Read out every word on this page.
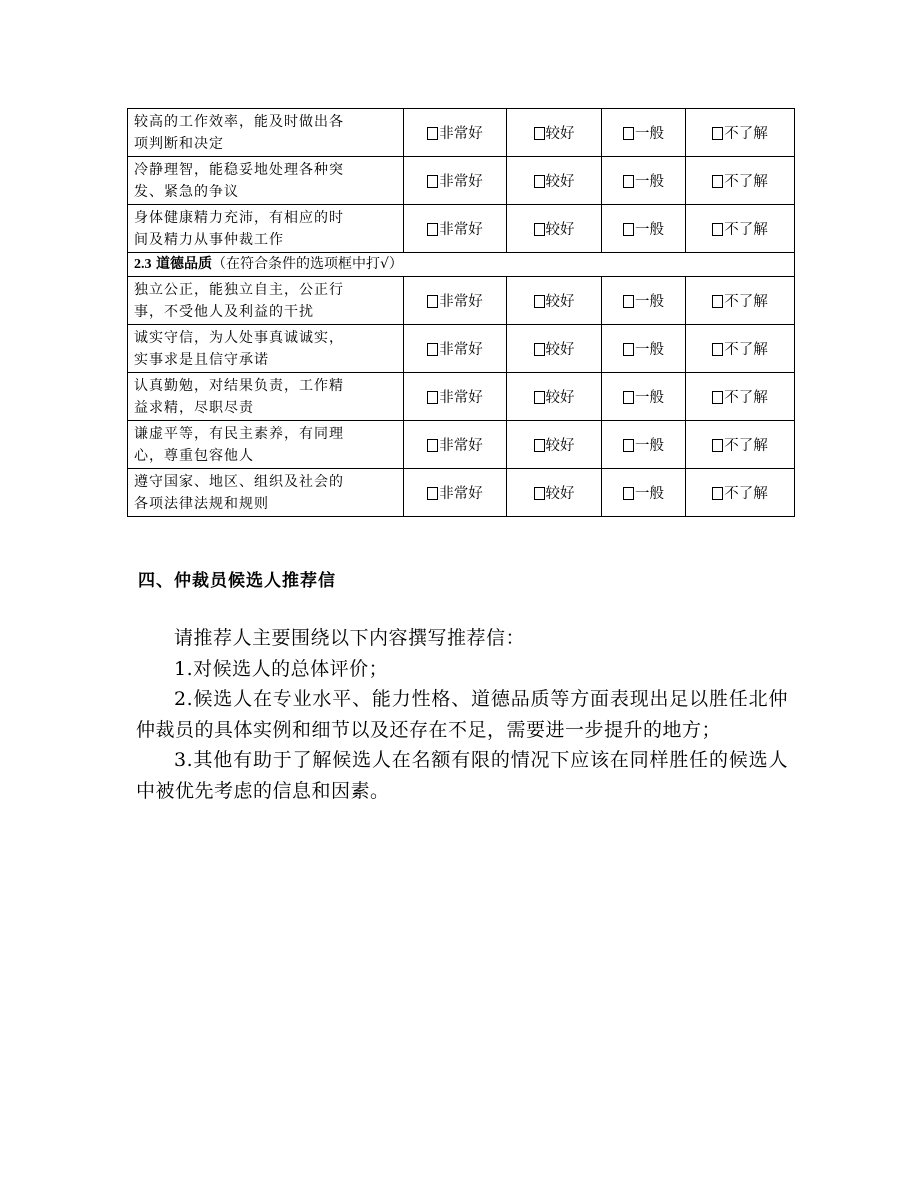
较高的工作效率，能及时做出各
项判断和决定	非常好	较好	一般	不了解
冷静理智，能稳妥地处理各种突
发、紧急的争议	非常好	较好	一般	不了解
身体健康精力充沛，有相应的时
间及精力从事仲裁工作	非常好	较好	一般	不了解
2.3 道德品质（在符合条件的选项框中打√）				
独立公正，能独立自主，公正行
事，不受他人及利益的干扰	非常好	较好	一般	不了解
诚实守信，为人处事真诚诚实，
实事求是且信守承诺	非常好	较好	一般	不了解
认真勤勉，对结果负责，工作精
益求精，尽职尽责	非常好	较好	一般	不了解
谦虚平等，有民主素养，有同理
心，尊重包容他人	非常好	较好	一般	不了解
遵守国家、地区、组织及社会的
各项法律法规和规则	非常好	较好	一般	不了解
四、仲裁员候选人推荐信

请推荐人主要围绕以下内容撰写推荐信：

1.对候选人的总体评价；

2.候选人在专业水平、能力性格、道德品质等方面表现出足以胜任北仲仲裁员的具体实例和细节以及还存在不足，需要进一步提升的地方；

3.其他有助于了解候选人在名额有限的情况下应该在同样胜任的候选人中被优先考虑的信息和因素。
